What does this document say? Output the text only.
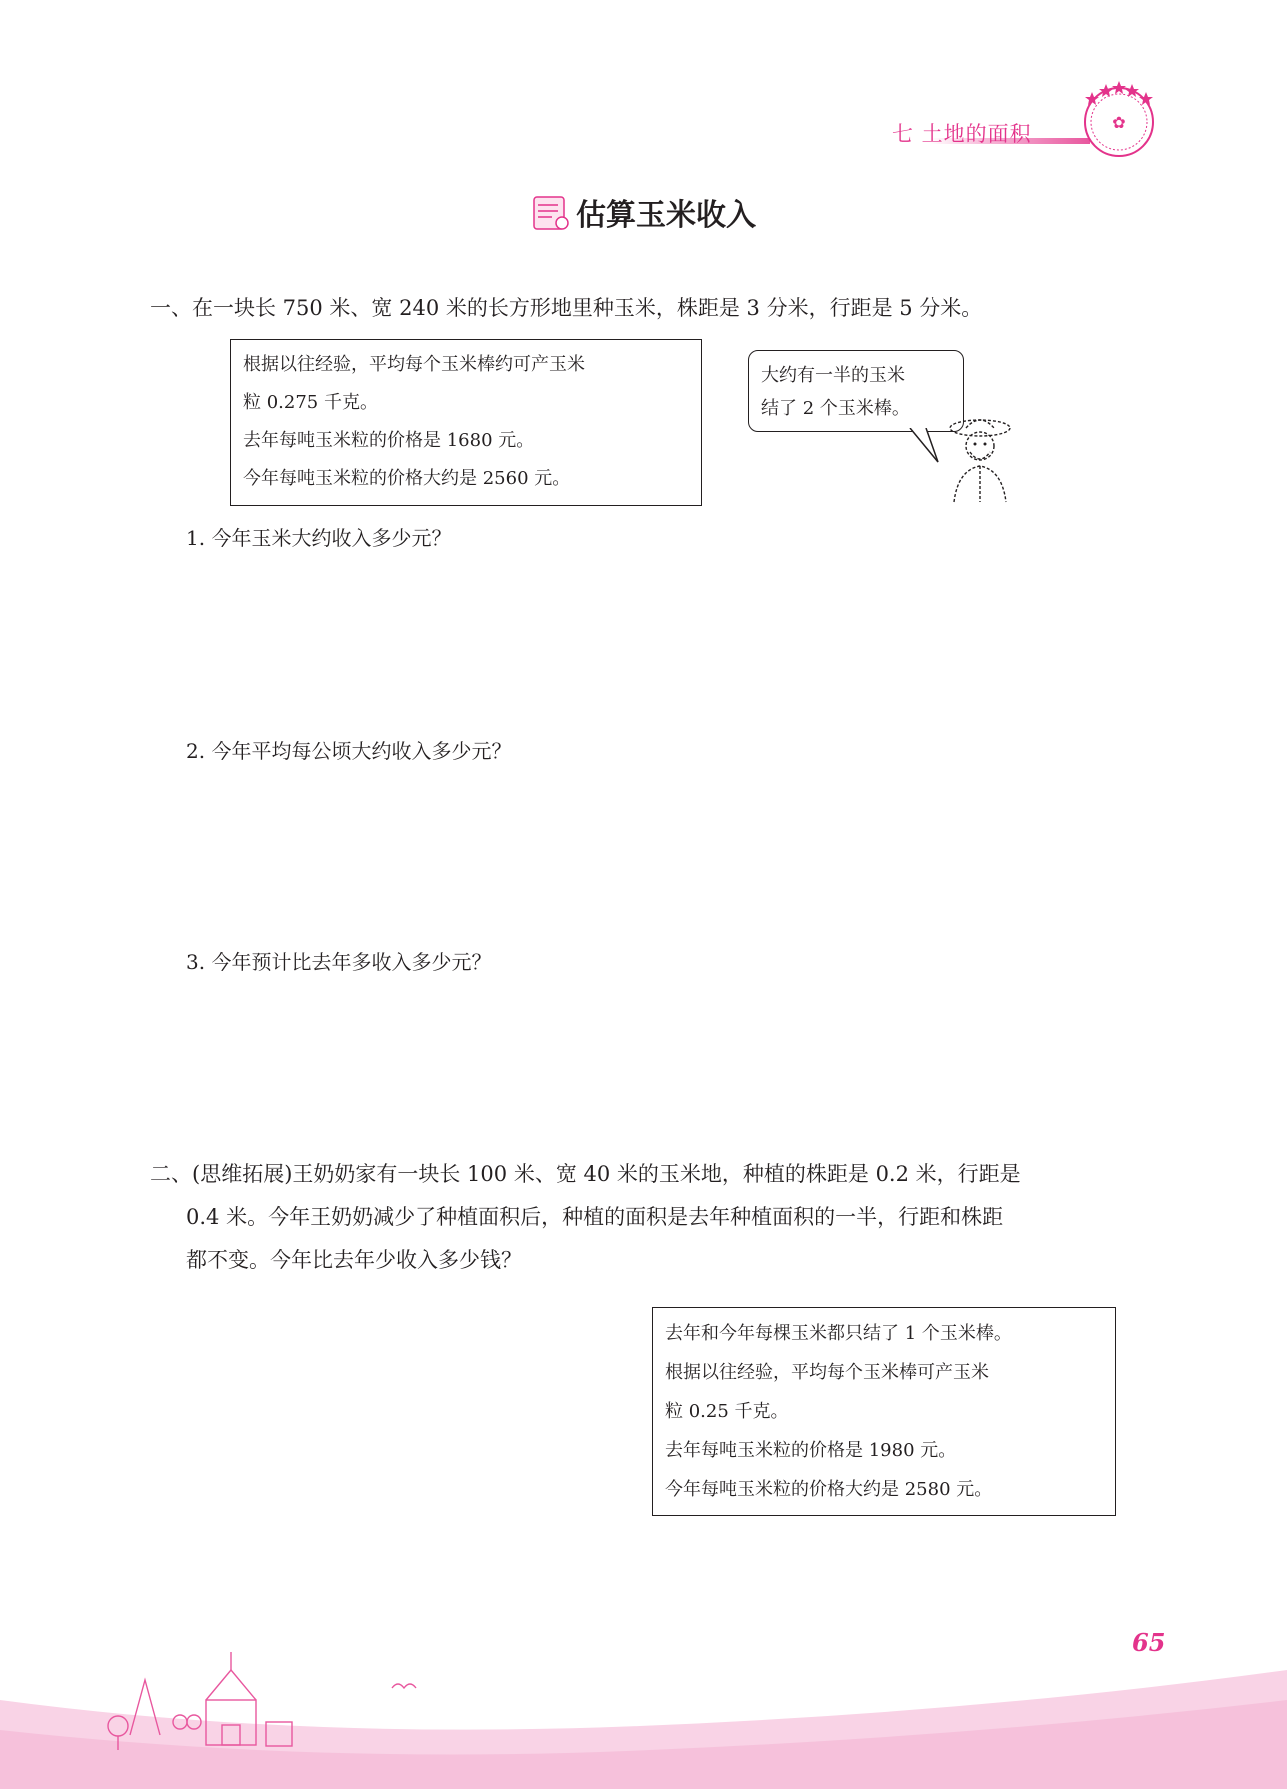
七 土地的面积	✿
估算玉米收入
一、在一块长 750 米、宽 240 米的长方形地里种玉米，株距是 3 分米，行距是 5 分米。
根据以往经验，平均每个玉米棒约可产玉米
粒 0.275 千克。
去年每吨玉米粒的价格是 1680 元。
今年每吨玉米粒的价格大约是 2560 元。
大约有一半的玉米
结了 2 个玉米棒。
1. 今年玉米大约收入多少元？
2. 今年平均每公顷大约收入多少元？
3. 今年预计比去年多收入多少元？
二、(思维拓展)王奶奶家有一块长 100 米、宽 40 米的玉米地，种植的株距是 0.2 米，行距是
0.4 米。今年王奶奶减少了种植面积后，种植的面积是去年种植面积的一半，行距和株距
都不变。今年比去年少收入多少钱？
去年和今年每棵玉米都只结了 1 个玉米棒。
根据以往经验，平均每个玉米棒可产玉米
粒 0.25 千克。
去年每吨玉米粒的价格是 1980 元。
今年每吨玉米粒的价格大约是 2580 元。
65
